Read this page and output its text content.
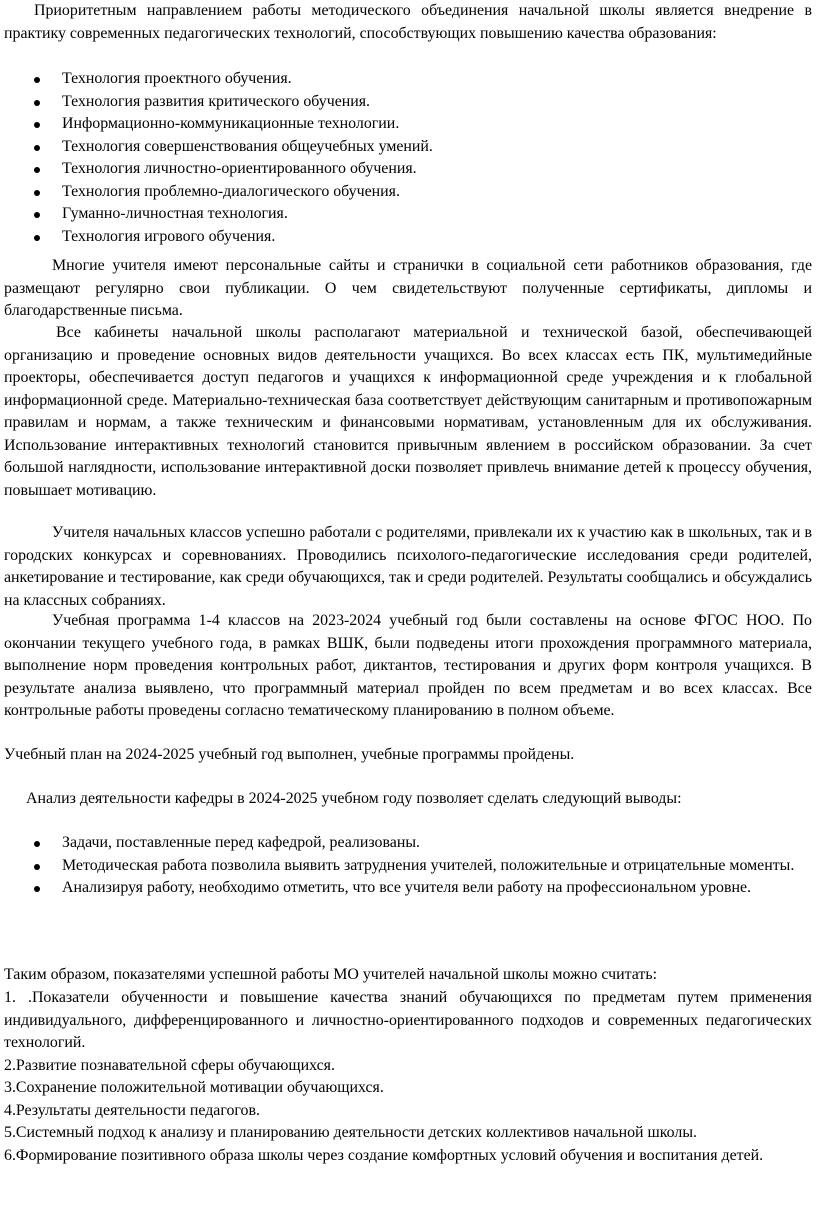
Приоритетным направлением работы методического объединения начальной школы является внедрение в практику современных педагогических технологий, способствующих повышению качества образования:

Технология проектного обучения.
Технология развития критического обучения.
Информационно-коммуникационные технологии.
Технология совершенствования общеучебных умений.
Технология личностно-ориентированного обучения.
Технология проблемно-диалогического обучения.
Гуманно-личностная технология.
Технология игрового обучения.

Многие учителя имеют персональные сайты и странички в социальной сети работников образования, где размещают регулярно свои публикации. О чем свидетельствуют полученные сертификаты, дипломы и благодарственные письма.

Все кабинеты начальной школы располагают материальной и технической базой, обеспечивающей организацию и проведение основных видов деятельности учащихся. Во всех классах есть ПК, мультимедийные проекторы, обеспечивается доступ педагогов и учащихся к информационной среде учреждения и к глобальной информационной среде. Материально-техническая база соответствует действующим санитарным и противопожарным правилам и нормам, а также техническим и финансовыми нормативам, установленным для их обслуживания. Использование интерактивных технологий становится привычным явлением в российском образовании. За счет большой наглядности, использование интерактивной доски позволяет привлечь внимание детей к процессу обучения, повышает мотивацию.

Учителя начальных классов успешно работали с родителями, привлекали их к участию как в школьных, так и в городских конкурсах и соревнованиях. Проводились психолого-педагогические исследования среди родителей, анкетирование и тестирование, как среди обучающихся, так и среди родителей. Результаты сообщались и обсуждались на классных собраниях.

Учебная программа 1-4 классов на 2023-2024 учебный год были составлены на основе ФГОС НОО. По окончании текущего учебного года, в рамках ВШК, были подведены итоги прохождения программного материала, выполнение норм проведения контрольных работ, диктантов, тестирования и других форм контроля учащихся. В результате анализа выявлено, что программный материал пройден по всем предметам и во всех классах. Все контрольные работы проведены согласно тематическому планированию в полном объеме.

Учебный план на 2024-2025 учебный год выполнен, учебные программы пройдены.

Анализ деятельности кафедры в 2024-2025 учебном году позволяет сделать следующий выводы:

Задачи, поставленные перед кафедрой, реализованы.
Методическая работа позволила выявить затруднения учителей, положительные и отрицательные моменты.
Анализируя работу, необходимо отметить, что все учителя вели работу на профессиональном уровне.

Таким образом, показателями успешной работы МО учителей начальной школы можно считать:

1. .Показатели обученности и повышение качества знаний обучающихся по предметам путем применения индивидуального, дифференцированного и личностно-ориентированного подходов и современных педагогических технологий.
2.Развитие познавательной сферы обучающихся.
3.Сохранение положительной мотивации обучающихся.
4.Результаты деятельности педагогов.
5.Системный подход к анализу и планированию деятельности детских коллективов начальной школы.
6.Формирование позитивного образа школы через создание комфортных условий обучения и воспитания детей.
